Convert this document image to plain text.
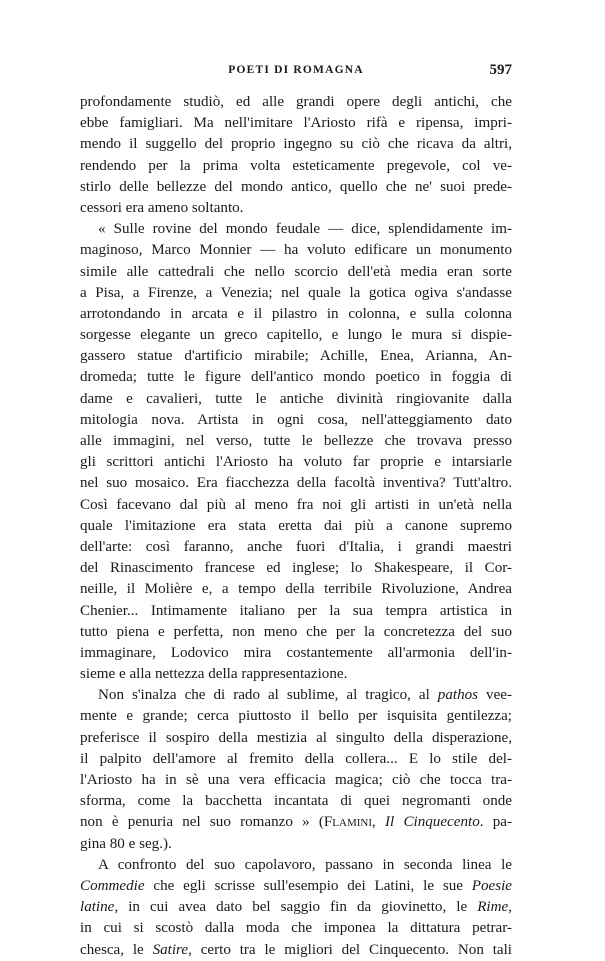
POETI DI ROMAGNA	597
profondamente studiò, ed alle grandi opere degli antichi, che
ebbe famigliari. Ma nell'imitare l'Ariosto rifà e ripensa, impri-
mendo il suggello del proprio ingegno su ciò che ricava da altri,
rendendo per la prima volta esteticamente pregevole, col ve-
stirlo delle bellezze del mondo antico, quello che ne' suoi prede-
cessori era ameno soltanto.
« Sulle rovine del mondo feudale — dice, splendidamente im-
maginoso, Marco Monnier — ha voluto edificare un monumento
simile alle cattedrali che nello scorcio dell'età media eran sorte
a Pisa, a Firenze, a Venezia; nel quale la gotica ogiva s'andasse
arrotondando in arcata e il pilastro in colonna, e sulla colonna
sorgesse elegante un greco capitello, e lungo le mura si dispie-
gassero statue d'artificio mirabile; Achille, Enea, Arianna, An-
dromeda; tutte le figure dell'antico mondo poetico in foggia di
dame e cavalieri, tutte le antiche divinità ringiovanite dalla
mitologia nova. Artista in ogni cosa, nell'atteggiamento dato
alle immagini, nel verso, tutte le bellezze che trovava presso
gli scrittori antichi l'Ariosto ha voluto far proprie e intarsiarle
nel suo mosaico. Era fiacchezza della facoltà inventiva? Tutt'altro.
Così facevano dal più al meno fra noi gli artisti in un'età nella
quale l'imitazione era stata eretta dai più a canone supremo
dell'arte: così faranno, anche fuori d'Italia, i grandi maestri
del Rinascimento francese ed inglese; lo Shakespeare, il Cor-
neille, il Molière e, a tempo della terribile Rivoluzione, Andrea
Chenier... Intimamente italiano per la sua tempra artistica in
tutto piena e perfetta, non meno che per la concretezza del suo
immaginare, Lodovico mira costantemente all'armonia dell'in-
sieme e alla nettezza della rappresentazione.
Non s'inalza che di rado al sublime, al tragico, al pathos vee-
mente e grande; cerca piuttosto il bello per isquisita gentilezza;
preferisce il sospiro della mestizia al singulto della disperazione,
il palpito dell'amore al fremito della collera... E lo stile del-
l'Ariosto ha in sè una vera efficacia magica; ciò che tocca tra-
sforma, come la bacchetta incantata di quei negromanti onde
non è penuria nel suo romanzo » (Flamini, Il Cinquecento. pa-
gina 80 e seg.).
A confronto del suo capolavoro, passano in seconda linea le
Commedie che egli scrisse sull'esempio dei Latini, le sue Poesie
latine, in cui avea dato bel saggio fin da giovinetto, le Rime,
in cui si scostò dalla moda che imponea la dittatura petrar-
chesca, le Satire, certo tra le migliori del Cinquecento. Non tali
